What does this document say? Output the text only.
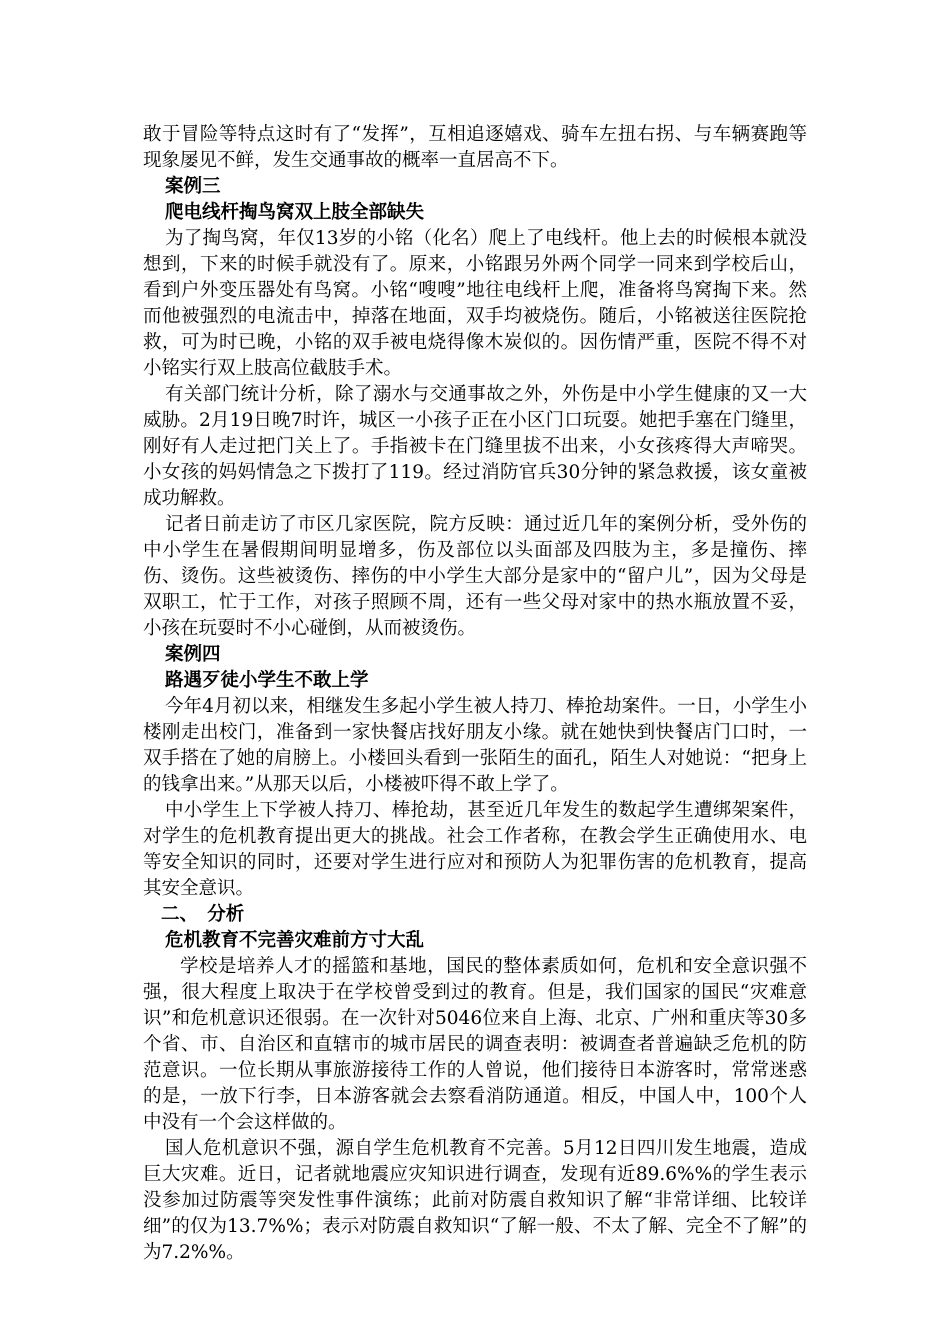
敢于冒险等特点这时有了“发挥”，互相追逐嬉戏、骑车左扭右拐、与车辆赛跑等现象屡见不鲜，发生交通事故的概率一直居高不下。

案例三

爬电线杆掏鸟窝双上肢全部缺失

为了掏鸟窝，年仅13岁的小铭（化名）爬上了电线杆。他上去的时候根本就没想到，下来的时候手就没有了。原来，小铭跟另外两个同学一同来到学校后山，看到户外变压器处有鸟窝。小铭“嗖嗖”地往电线杆上爬，准备将鸟窝掏下来。然而他被强烈的电流击中，掉落在地面，双手均被烧伤。随后，小铭被送往医院抢救，可为时已晚，小铭的双手被电烧得像木炭似的。因伤情严重，医院不得不对小铭实行双上肢高位截肢手术。

有关部门统计分析，除了溺水与交通事故之外，外伤是中小学生健康的又一大威胁。2月19日晚7时许，城区一小孩子正在小区门口玩耍。她把手塞在门缝里，刚好有人走过把门关上了。手指被卡在门缝里拔不出来，小女孩疼得大声啼哭。小女孩的妈妈情急之下拨打了119。经过消防官兵30分钟的紧急救援，该女童被成功解救。

记者日前走访了市区几家医院，院方反映：通过近几年的案例分析，受外伤的中小学生在暑假期间明显增多，伤及部位以头面部及四肢为主，多是撞伤、摔伤、烫伤。这些被烫伤、摔伤的中小学生大部分是家中的“留户儿”，因为父母是双职工，忙于工作，对孩子照顾不周，还有一些父母对家中的热水瓶放置不妥，小孩在玩耍时不小心碰倒，从而被烫伤。

案例四

路遇歹徒小学生不敢上学

今年4月初以来，相继发生多起小学生被人持刀、棒抢劫案件。一日，小学生小楼刚走出校门，准备到一家快餐店找好朋友小缘。就在她快到快餐店门口时，一双手搭在了她的肩膀上。小楼回头看到一张陌生的面孔，陌生人对她说：“把身上的钱拿出来。”从那天以后，小楼被吓得不敢上学了。

中小学生上下学被人持刀、棒抢劫，甚至近几年发生的数起学生遭绑架案件，对学生的危机教育提出更大的挑战。社会工作者称，在教会学生正确使用水、电等安全知识的同时，还要对学生进行应对和预防人为犯罪伤害的危机教育，提高其安全意识。

二、　分析

危机教育不完善灾难前方寸大乱

学校是培养人才的摇篮和基地，国民的整体素质如何，危机和安全意识强不强，很大程度上取决于在学校曾受到过的教育。但是，我们国家的国民“灾难意识”和危机意识还很弱。在一次针对5046位来自上海、北京、广州和重庆等30多个省、市、自治区和直辖市的城市居民的调查表明：被调查者普遍缺乏危机的防范意识。一位长期从事旅游接待工作的人曾说，他们接待日本游客时，常常迷惑的是，一放下行李，日本游客就会去察看消防通道。相反，中国人中，100个人中没有一个会这样做的。

国人危机意识不强，源自学生危机教育不完善。5月12日四川发生地震，造成巨大灾难。近日，记者就地震应灾知识进行调查，发现有近89.6%%的学生表示没参加过防震等突发性事件演练；此前对防震自救知识了解“非常详细、比较详细”的仅为13.7%%；表示对防震自救知识“了解一般、不太了解、完全不了解”的为7.2%%。
